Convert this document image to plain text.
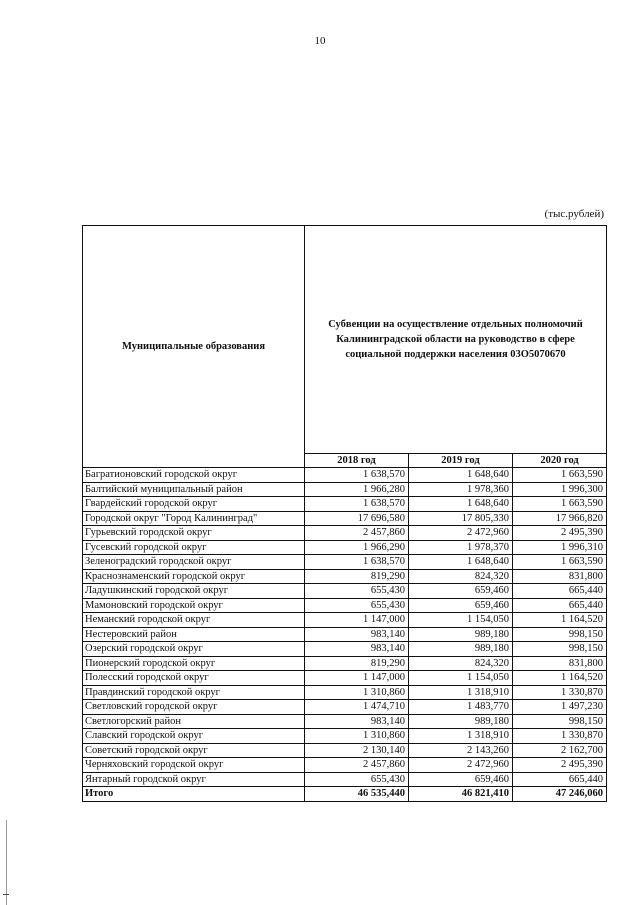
10
(тыс.рублей)
Муниципальные образования	Субвенции на осуществление отдельных полномочий Калининградской области на руководство в сфере социальной поддержки населения 03О5070670		
	2018 год	2019 год	2020 год
Багратионовский городской округ	1 638,570	1 648,640	1 663,590
Балтийский муниципальный район	1 966,280	1 978,360	1 996,300
Гвардейский городской округ	1 638,570	1 648,640	1 663,590
Городской округ "Город Калининград"	17 696,580	17 805,330	17 966,820
Гурьевский городской округ	2 457,860	2 472,960	2 495,390
Гусевский городской округ	1 966,290	1 978,370	1 996,310
Зеленоградский городской округ	1 638,570	1 648,640	1 663,590
Краснознаменский городской округ	819,290	824,320	831,800
Ладушкинский городской округ	655,430	659,460	665,440
Мамоновский городской округ	655,430	659,460	665,440
Неманский городской округ	1 147,000	1 154,050	1 164,520
Нестеровский район	983,140	989,180	998,150
Озерский городской округ	983,140	989,180	998,150
Пионерский городской округ	819,290	824,320	831,800
Полесский городской округ	1 147,000	1 154,050	1 164,520
Правдинский городской округ	1 310,860	1 318,910	1 330,870
Светловский городской округ	1 474,710	1 483,770	1 497,230
Светлогорский район	983,140	989,180	998,150
Славский городской округ	1 310,860	1 318,910	1 330,870
Советский городской округ	2 130,140	2 143,260	2 162,700
Черняховский городской округ	2 457,860	2 472,960	2 495,390
Янтарный городской округ	655,430	659,460	665,440
Итого	46 535,440	46 821,410	47 246,060
